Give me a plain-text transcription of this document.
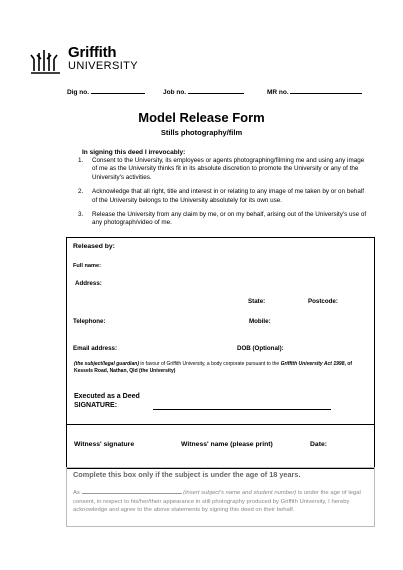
Griffith
UNIVERSITY
Dig no.	Job no.	MR no.
Model Release Form
Stills photography/film
In signing this deed I irrevocably:
1. Consent to the University, its employees or agents photographing/filming me and using any image of me as the University thinks fit in its absolute discretion to promote the University or any of the University's activities.
2. Acknowledge that all right, title and interest in or relating to any image of me taken by or on behalf of the University belongs to the University absolutely for its own use.
3. Release the University from any claim by me, or on my behalf, arising out of the University's use of any photograph/video of me.
Released by:
Full name:
Address:
State:	Postcode:
Telephone:	Mobile:
Email address:	DOB (Optional):
(the subject/legal guardian) in favour of Griffith University, a body corporate pursuant to the Griffith University Act 1998, of Kessels Road, Nathan, Qld (the University)
Executed as a Deed
SIGNATURE:
Witness' signature	Witness' name (please print)	Date:
Complete this box only if the subject is under the age of 18 years.
As	(insert subject's name and student number) is under the age of legal consent, in respect to his/her/their appearance in still photography produced by Griffith University, I hereby acknowledge and agree to the above statements by signing this deed on their behalf.
